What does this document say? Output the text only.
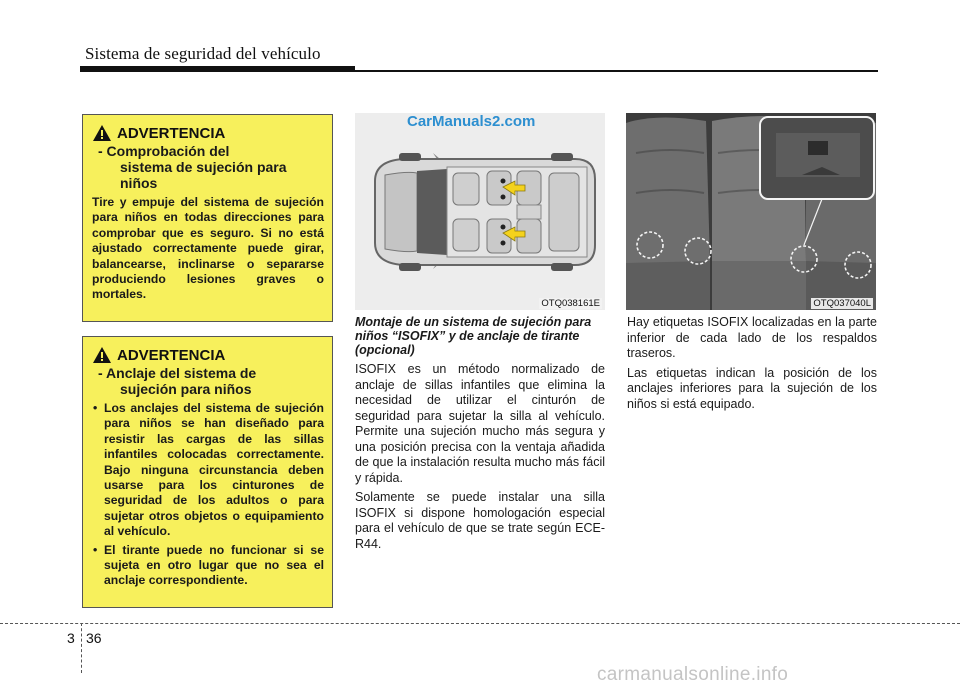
Sistema de seguridad del vehículo
ADVERTENCIA
- Comprobación del
sistema de sujeción para
niños

Tire y empuje del sistema de sujeción para niños en todas direcciones para comprobar que es seguro. Si no está ajustado correctamente puede girar, balancearse, inclinarse o separarse produciendo lesiones graves o mortales.

ADVERTENCIA
- Anclaje del sistema de
sujeción para niños
• Los anclajes del sistema de sujeción para niños se han diseñado para resistir las cargas de las sillas infantiles colocadas correctamente. Bajo ninguna circunstancia deben usarse para los cinturones de seguridad de los adultos o para sujetar otros objetos o equipamiento al vehículo.
• El tirante puede no funcionar si se sujeta en otro lugar que no sea el anclaje correspondiente.
CarManuals2.com
OTQ038161E	OTQ037040L

Montaje de un sistema de sujeción para niños “ISOFIX” y de anclaje de tirante (opcional)

ISOFIX es un método normalizado de anclaje de sillas infantiles que elimina la necesidad de utilizar el cinturón de seguridad para sujetar la silla al vehículo. Permite una sujeción mucho más segura y una posición precisa con la ventaja añadida de que la instalación resulta mucho más fácil y rápida.

Solamente se puede instalar una silla ISOFIX si dispone homologación especial para el vehículo de que se trate según ECE-R44.

Hay etiquetas ISOFIX localizadas en la parte inferior de cada lado de los respaldos traseros.

Las etiquetas indican la posición de los anclajes inferiores para la sujeción de los niños si está equipado.

3 36
carmanualsonline.info
